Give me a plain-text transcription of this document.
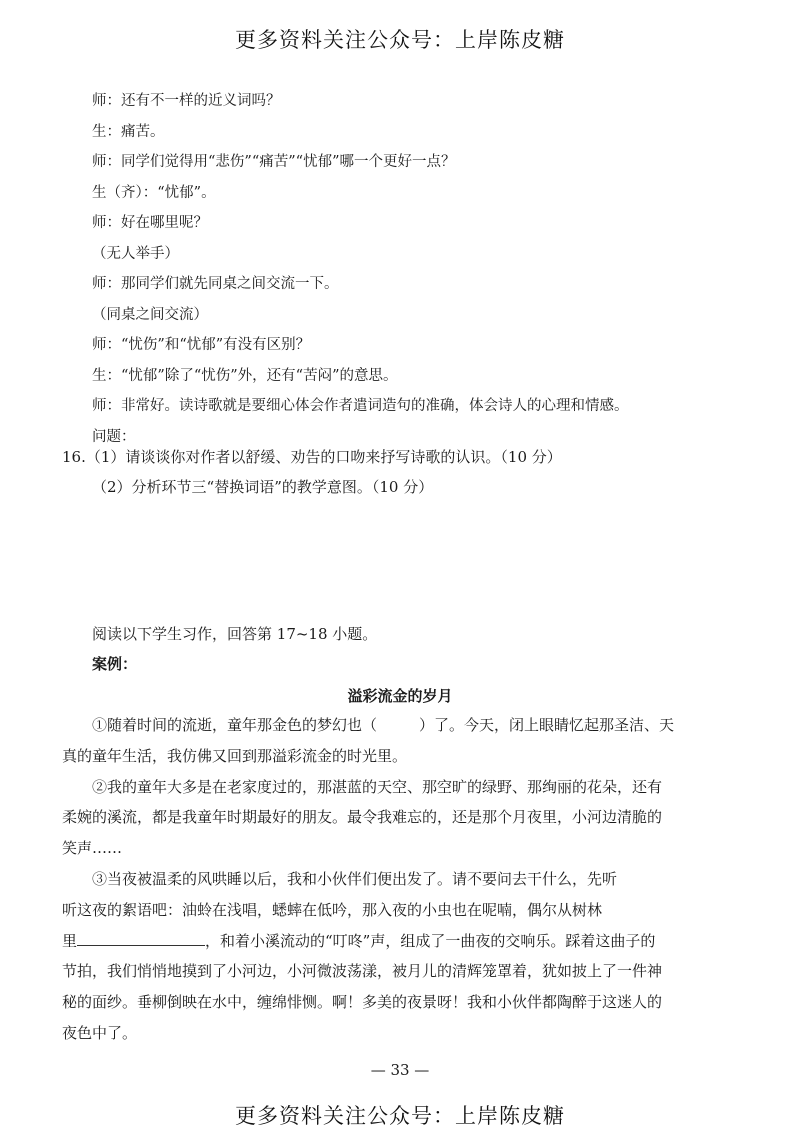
更多资料关注公众号：上岸陈皮糖
师：还有不一样的近义词吗？
生：痛苦。
师：同学们觉得用“悲伤”“痛苦”“忧郁”哪一个更好一点？
生（齐）：“忧郁”。
师：好在哪里呢？
（无人举手）
师：那同学们就先同桌之间交流一下。
（同桌之间交流）
师：“忧伤”和“忧郁”有没有区别？
生：“忧郁”除了“忧伤”外，还有“苦闷”的意思。
师：非常好。读诗歌就是要细心体会作者遣词造句的准确，体会诗人的心理和情感。
问题：
16.（1）请谈谈你对作者以舒缓、劝告的口吻来抒写诗歌的认识。（10 分）
（2）分析环节三“替换词语”的教学意图。（10 分）
阅读以下学生习作，回答第 17~18 小题。
案例：
溢彩流金的岁月
①随着时间的流逝，童年那金色的梦幻也（	）了。今天，闭上眼睛忆起那圣洁、天
真的童年生活，我仿佛又回到那溢彩流金的时光里。
②我的童年大多是在老家度过的，那湛蓝的天空、那空旷的绿野、那绚丽的花朵，还有
柔婉的溪流，都是我童年时期最好的朋友。最令我难忘的，还是那个月夜里，小河边清脆的
笑声……
③当夜被温柔的风哄睡以后，我和小伙伴们便出发了。请不要问去干什么，先听
听这夜的絮语吧：油蛉在浅唱，蟋蟀在低吟，那入夜的小虫也在呢喃，偶尔从树林
里	，和着小溪流动的“叮咚”声，组成了一曲夜的交响乐。踩着这曲子的
节拍，我们悄悄地摸到了小河边，小河微波荡漾，被月儿的清辉笼罩着，犹如披上了一件神
秘的面纱。垂柳倒映在水中，缠绵悱恻。啊！多美的夜景呀！我和小伙伴都陶醉于这迷人的
夜色中了。
— 33 —
更多资料关注公众号：上岸陈皮糖
